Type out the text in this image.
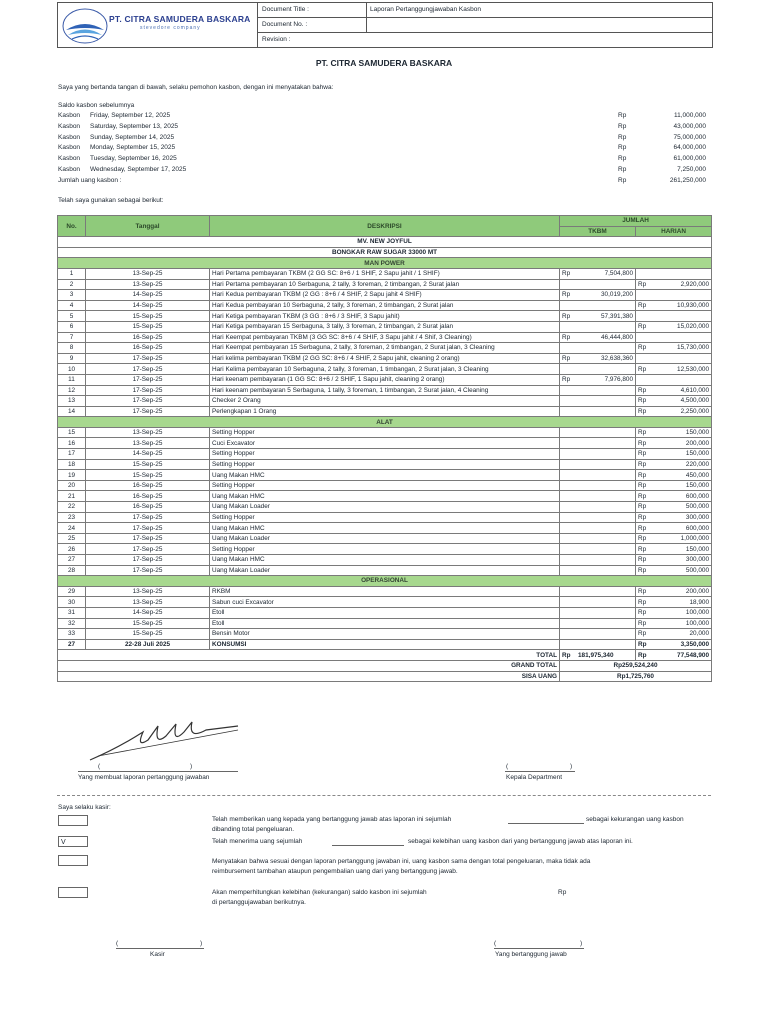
PT. CITRA SAMUDERA BASKARA
stevedore company
Document Title :	Laporan Pertanggungjawaban Kasbon
Document No. :
Revision :
PT. CITRA SAMUDERA BASKARA
Saya yang bertanda tangan di bawah, selaku pemohon kasbon, dengan ini menyatakan bahwa:
Saldo kasbon sebelumnya
Kasbon Friday, September 12, 2025	Rp	11,000,000
Kasbon Saturday, September 13, 2025	Rp	43,000,000
Kasbon Sunday, September 14, 2025	Rp	75,000,000
Kasbon Monday, September 15, 2025	Rp	64,000,000
Kasbon Tuesday, September 16, 2025	Rp	61,000,000
Kasbon Wednesday, September 17, 2025	Rp	7,250,000
Jumlah uang kasbon :	Rp	261,250,000
Telah saya gunakan sebagai berikut:
No.	Tanggal	DESKRIPSI	JUMLAH	
			TKBM	HARIAN
MV. NEW JOYFUL				
BONGKAR RAW SUGAR 33000 MT				
MAN POWER				
1	13-Sep-25	Hari Pertama pembayaran TKBM (2 GG SC: 8+6 / 1 SHIF, 2 Sapu jahit / 1 SHIF)	Rp 7,504,800	

2	13-Sep-25	Hari Pertama pembayaran 10 Serbaguna, 2 tally, 3 foreman, 2 timbangan, 2 Surat jalan		Rp 2,920,000

3	14-Sep-25	Hari Kedua pembayaran TKBM (2 GG : 8+6 / 4 SHIF, 2 Sapu jahit 4 SHIF)	Rp 30,019,200	

4	14-Sep-25	Hari Kedua pembayaran 10 Serbaguna, 2 tally, 3 foreman, 2 timbangan, 2 Surat jalan		Rp 10,930,000

5	15-Sep-25	Hari Ketiga pembayaran TKBM (3 GG : 8+6 / 3 SHIF, 3 Sapu jahit)	Rp 57,391,380	

6	15-Sep-25	Hari Ketiga pembayaran 15 Serbaguna, 3 tally, 3 foreman, 2 timbangan, 2 Surat jalan		Rp 15,020,000

7	16-Sep-25	Hari Keempat pembayaran TKBM (3 GG SC: 8+6 / 4 SHIF, 3 Sapu jahit / 4 Shif, 3 Cleaning)	Rp 46,444,800	

8	16-Sep-25	Hari Keempat pembayaran 15 Serbaguna, 2 tally, 3 foreman, 2 timbangan, 2 Surat jalan, 3 Cleaning		Rp 15,730,000

9	17-Sep-25	Hari kelima pembayaran TKBM (2 GG SC: 8+6 / 4 SHIF, 2 Sapu jahit, cleaning 2 orang)	Rp 32,638,360	

10	17-Sep-25	Hari Kelima pembayaran 10 Serbaguna, 2 tally, 3 foreman, 1 timbangan, 2 Surat jalan, 3 Cleaning		Rp 12,530,000

11	17-Sep-25	Hari keenam pembayaran (1 GG SC: 8+6 / 2 SHIF, 1 Sapu jahit, cleaning 2 orang)	Rp 7,976,800	

12	17-Sep-25	Hari keenam pembayaran 5 Serbaguna, 1 tally, 3 foreman, 1 timbangan, 2 Surat jalan, 4 Cleaning		Rp 4,610,000

13	17-Sep-25	Checker 2 Orang		Rp 4,500,000

14	17-Sep-25	Perlengkapan 1 Orang		Rp 2,250,000

ALAT				
15	13-Sep-25	Setting Hopper		Rp 150,000

16	13-Sep-25	Cuci Excavator		Rp 200,000

17	14-Sep-25	Setting Hopper		Rp 150,000

18	15-Sep-25	Setting Hopper		Rp 220,000

19	15-Sep-25	Uang Makan HMC		Rp 450,000

20	16-Sep-25	Setting Hopper		Rp 150,000

21	16-Sep-25	Uang Makan HMC		Rp 600,000

22	16-Sep-25	Uang Makan Loader		Rp 500,000

23	17-Sep-25	Setting Hopper		Rp 300,000

24	17-Sep-25	Uang Makan HMC		Rp 600,000

25	17-Sep-25	Uang Makan Loader		Rp 1,000,000

26	17-Sep-25	Setting Hopper		Rp 150,000

27	17-Sep-25	Uang Makan HMC		Rp 300,000

28	17-Sep-25	Uang Makan Loader		Rp 500,000

OPERASIONAL				
29	13-Sep-25	RKBM		Rp 200,000

30	13-Sep-25	Sabun cuci Excavator		Rp 18,900

31	14-Sep-25	Etoll		Rp 100,000

32	15-Sep-25	Etoll		Rp 100,000

33	15-Sep-25	Bensin Motor		Rp 20,000

27	22-28 Juli 2025	KONSUMSI		Rp 3,350,000

TOTAL			Rp 181,975,340	Rp 77,548,900

GRAND TOTAL			Rp259,524,240	
SISA UANG			Rp1,725,760	
(	)
Yang membuat laporan pertanggung jawaban
(	)
Kepala Department
Saya selaku kasir:
V
Telah memberikan uang kepada yang bertanggung jawab atas laporan ini sejumlah	sebagai kekurangan uang kasbon
dibanding total pengeluaran.
Telah menerima uang sejumlah	sebagai kelebihan uang kasbon dari yang bertanggung jawab atas laporan ini.
Menyatakan bahwa sesuai dengan laporan pertanggung jawaban ini, uang kasbon sama dengan total pengeluaran, maka tidak ada
reimbursement tambahan ataupun pengembalian uang dari yang bertanggung jawab.
Akan memperhitungkan kelebihan (kekurangan) saldo kasbon ini sejumlah	Rp
di pertanggujawaban berikutnya.
(	)
Kasir
(	)
Yang bertanggung jawab
